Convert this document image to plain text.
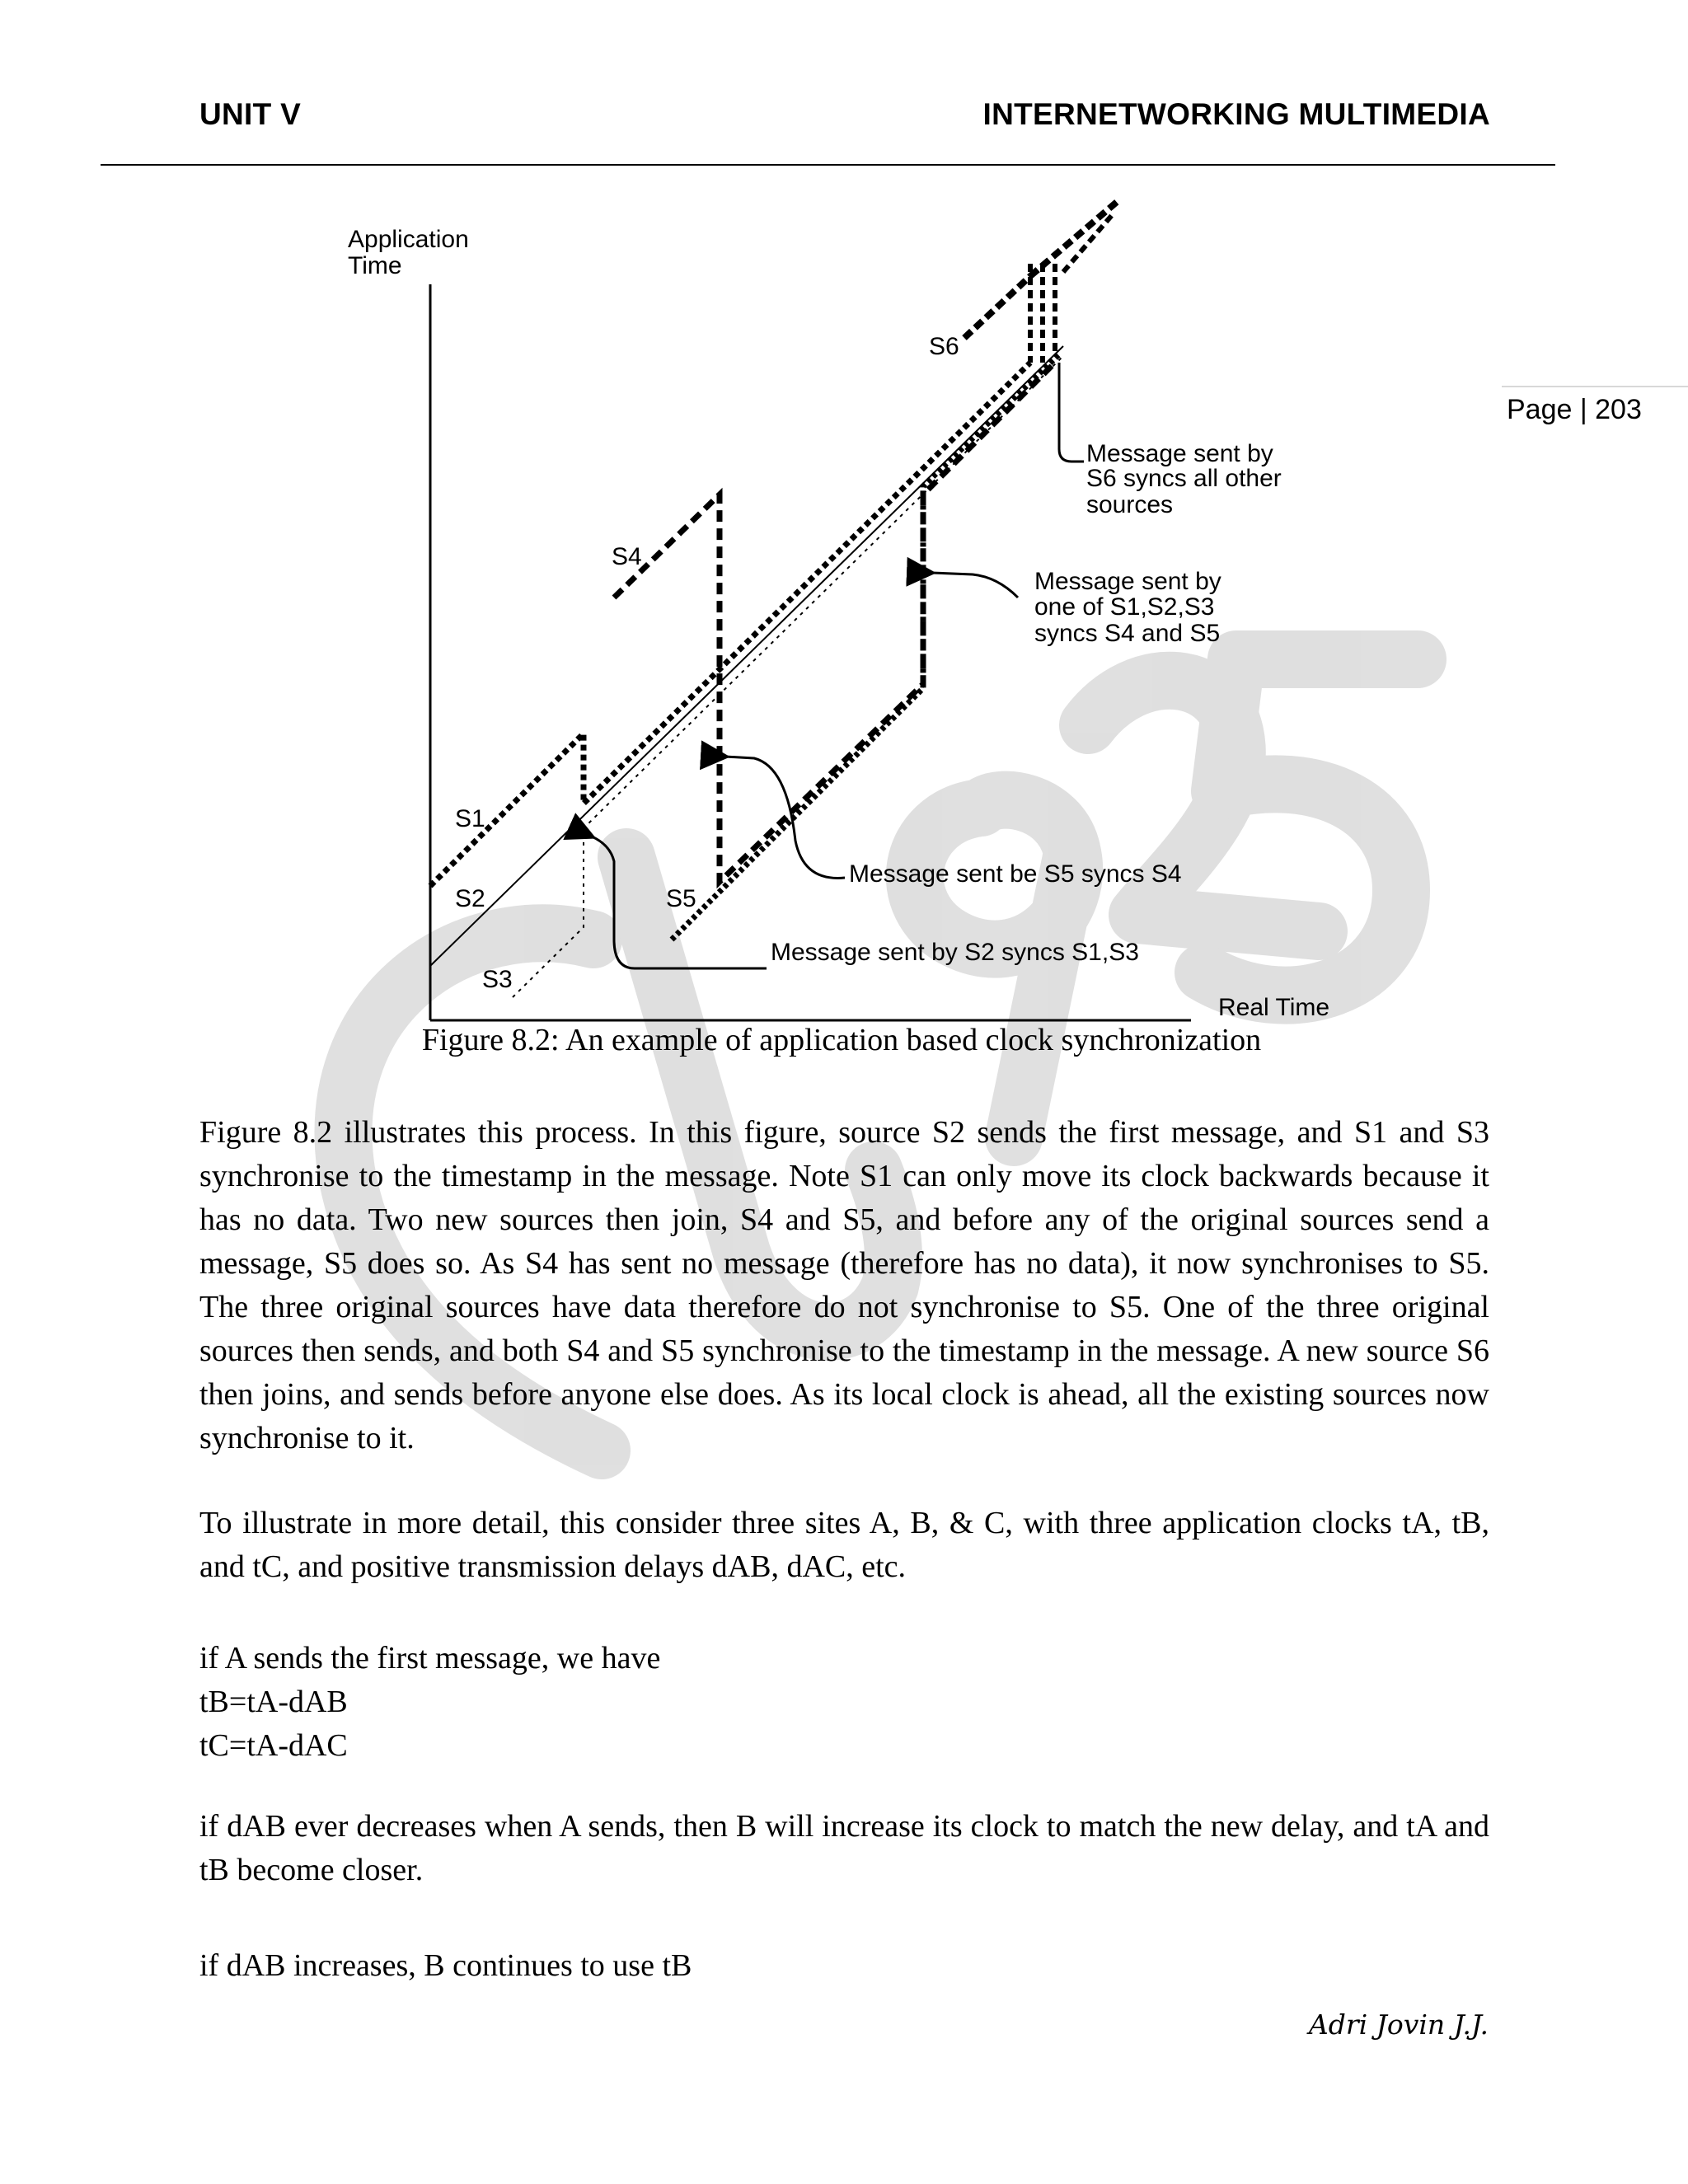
UNIT V	INTERNETWORKING MULTIMEDIA
Page | 203
Application
Time
Real Time
S1
S2
S3
S4
S5
S6
Message sent by
S6 syncs all other
sources
Message sent by
one of S1,S2,S3
syncs S4 and S5
Message sent be S5 syncs S4
Message sent by S2 syncs S1,S3
Figure 8.2: An example of application based clock synchronization

Figure 8.2 illustrates this process. In this figure, source S2 sends the first message, and S1 and S3 synchronise to the timestamp in the message. Note S1 can only move its clock backwards because it has no data. Two new sources then join, S4 and S5, and before any of the original sources send a message, S5 does so. As S4 has sent no message (therefore has no data), it now synchronises to S5. The three original sources have data therefore do not synchronise to S5. One of the three original sources then sends, and both S4 and S5 synchronise to the timestamp in the message. A new source S6 then joins, and sends before anyone else does. As its local clock is ahead, all the existing sources now synchronise to it.

To illustrate in more detail, this consider three sites A, B, & C, with three application clocks tA, tB, and tC, and positive transmission delays dAB, dAC, etc.

if A sends the first message, we have
tB=tA-dAB
tC=tA-dAC

if dAB ever decreases when A sends, then B will increase its clock to match the new delay, and tA and tB become closer.

if dAB increases, B continues to use tB
Adri Jovin J.J.
